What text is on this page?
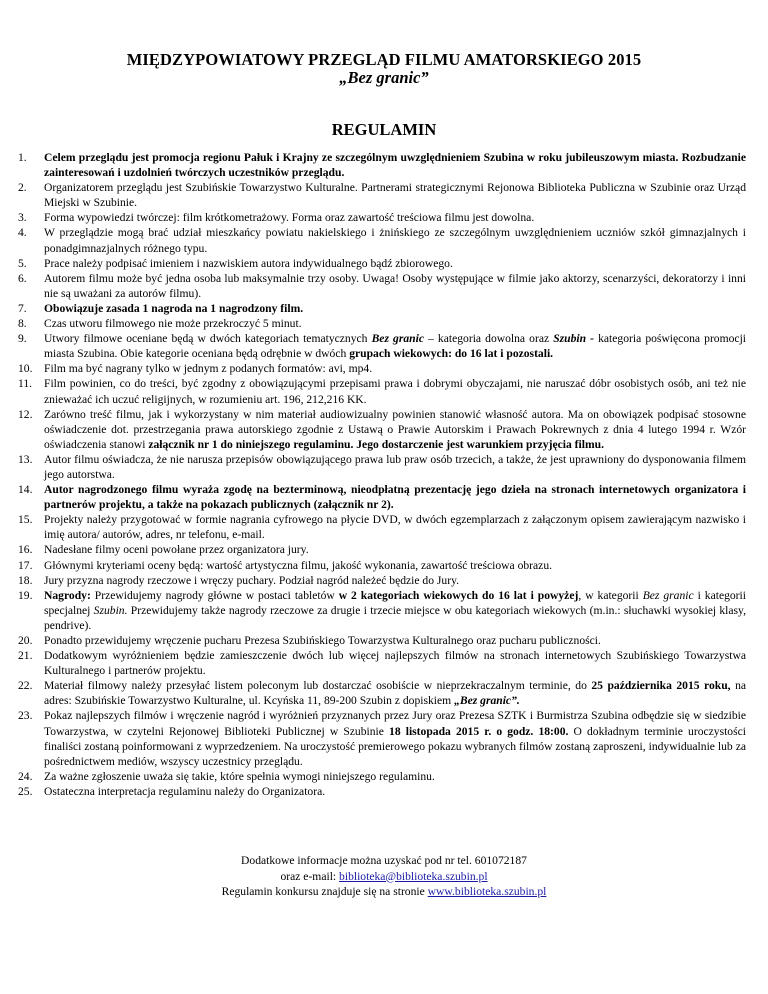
MIĘDZYPOWIATOWY PRZEGLĄD FILMU AMATORSKIEGO 2015
„Bez granic”
REGULAMIN
1.	Celem przeglądu jest promocja regionu Pałuk i Krajny ze szczególnym uwzględnieniem Szubina w roku jubileuszowym miasta. Rozbudzanie zainteresowań i uzdolnień twórczych uczestników przeglądu.
2.	Organizatorem przeglądu jest Szubińskie Towarzystwo Kulturalne. Partnerami strategicznymi Rejonowa Biblioteka Publiczna w Szubinie oraz Urząd Miejski w Szubinie.
3.	Forma wypowiedzi twórczej: film krótkometrażowy. Forma oraz zawartość treściowa filmu jest dowolna.
4.	W przeglądzie mogą brać udział mieszkańcy powiatu nakielskiego i żnińskiego ze szczególnym uwzględnieniem uczniów szkół gimnazjalnych i ponadgimnazjalnych różnego typu.
5.	Prace należy podpisać imieniem i nazwiskiem autora indywidualnego bądź zbiorowego.
6.	Autorem filmu może być jedna osoba lub maksymalnie trzy osoby. Uwaga! Osoby występujące w filmie jako aktorzy, scenarzyści, dekoratorzy i inni nie są uważani za autorów filmu).
7.	Obowiązuje zasada 1 nagroda na 1 nagrodzony film.
8.	Czas utworu filmowego nie może przekroczyć 5 minut.
9.	Utwory filmowe oceniane będą w dwóch kategoriach tematycznych Bez granic – kategoria dowolna oraz Szubin - kategoria poświęcona promocji miasta Szubina. Obie kategorie oceniana będą odrębnie w dwóch grupach wiekowych: do 16 lat i pozostali.
10. Film ma być nagrany tylko w jednym z podanych formatów: avi, mp4.
11.	Film powinien, co do treści, być zgodny z obowiązującymi przepisami prawa i dobrymi obyczajami, nie naruszać dóbr osobistych osób, ani też nie znieważać ich uczuć religijnych, w rozumieniu art. 196, 212,216 KK.
12. Zarówno treść filmu, jak i wykorzystany w nim materiał audiowizualny powinien stanowić własność autora. Ma on obowiązek podpisać stosowne oświadczenie dot. przestrzegania prawa autorskiego zgodnie z Ustawą o Prawie Autorskim i Prawach Pokrewnych z dnia 4 lutego 1994 r. Wzór oświadczenia stanowi załącznik nr 1 do niniejszego regulaminu. Jego dostarczenie jest warunkiem przyjęcia filmu.
13. Autor filmu oświadcza, że nie narusza przepisów obowiązującego prawa lub praw osób trzecich, a także, że jest uprawniony do dysponowania filmem jego autorstwa.
14. Autor nagrodzonego filmu wyraża zgodę na bezterminową, nieodpłatną prezentację jego dzieła na stronach internetowych organizatora i partnerów projektu, a także na pokazach publicznych (załącznik nr 2).
15. Projekty należy przygotować w formie nagrania cyfrowego na płycie DVD, w dwóch egzemplarzach z załączonym opisem zawierającym nazwisko i imię autora/ autorów, adres, nr telefonu, e-mail.
16. Nadesłane filmy oceni powołane przez organizatora jury.
17. Głównymi kryteriami oceny będą: wartość artystyczna filmu, jakość wykonania, zawartość treściowa obrazu.
18. Jury przyzna nagrody rzeczowe i wręczy puchary. Podział nagród należeć będzie do Jury.
19. Nagrody: Przewidujemy nagrody główne w postaci tabletów w 2 kategoriach wiekowych do 16 lat i powyżej, w kategorii Bez granic i kategorii specjalnej Szubin. Przewidujemy także nagrody rzeczowe za drugie i trzecie miejsce w obu kategoriach wiekowych (m.in.: słuchawki wysokiej klasy, pendrive).
20. Ponadto przewidujemy wręczenie pucharu Prezesa Szubińskiego Towarzystwa Kulturalnego oraz pucharu publiczności.
21. Dodatkowym wyróżnieniem będzie zamieszczenie dwóch lub więcej najlepszych filmów na stronach internetowych Szubińskiego Towarzystwa Kulturalnego i partnerów projektu.
22. Materiał filmowy należy przesyłać listem poleconym lub dostarczać osobiście w nieprzekraczalnym terminie, do 25 października 2015 roku, na adres: Szubińskie Towarzystwo Kulturalne, ul. Kcyńska 11, 89-200 Szubin z dopiskiem „Bez granic”.
23. Pokaz najlepszych filmów i wręczenie nagród i wyróżnień przyznanych przez Jury oraz Prezesa SZTK i Burmistrza Szubina odbędzie się w siedzibie Towarzystwa, w czytelni Rejonowej Biblioteki Publicznej w Szubinie 18 listopada 2015 r. o godz. 18:00. O dokładnym terminie uroczystości finaliści zostaną poinformowani z wyprzedzeniem. Na uroczystość premierowego pokazu wybranych filmów zostaną zaproszeni, indywidualnie lub za pośrednictwem mediów, wszyscy uczestnicy przeglądu.
24. Za ważne zgłoszenie uważa się takie, które spełnia wymogi niniejszego regulaminu.
25. Ostateczna interpretacja regulaminu należy do Organizatora.
Dodatkowe informacje można uzyskać pod nr tel. 601072187
oraz e-mail: biblioteka@biblioteka.szubin.pl
Regulamin konkursu znajduje się na stronie www.biblioteka.szubin.pl
